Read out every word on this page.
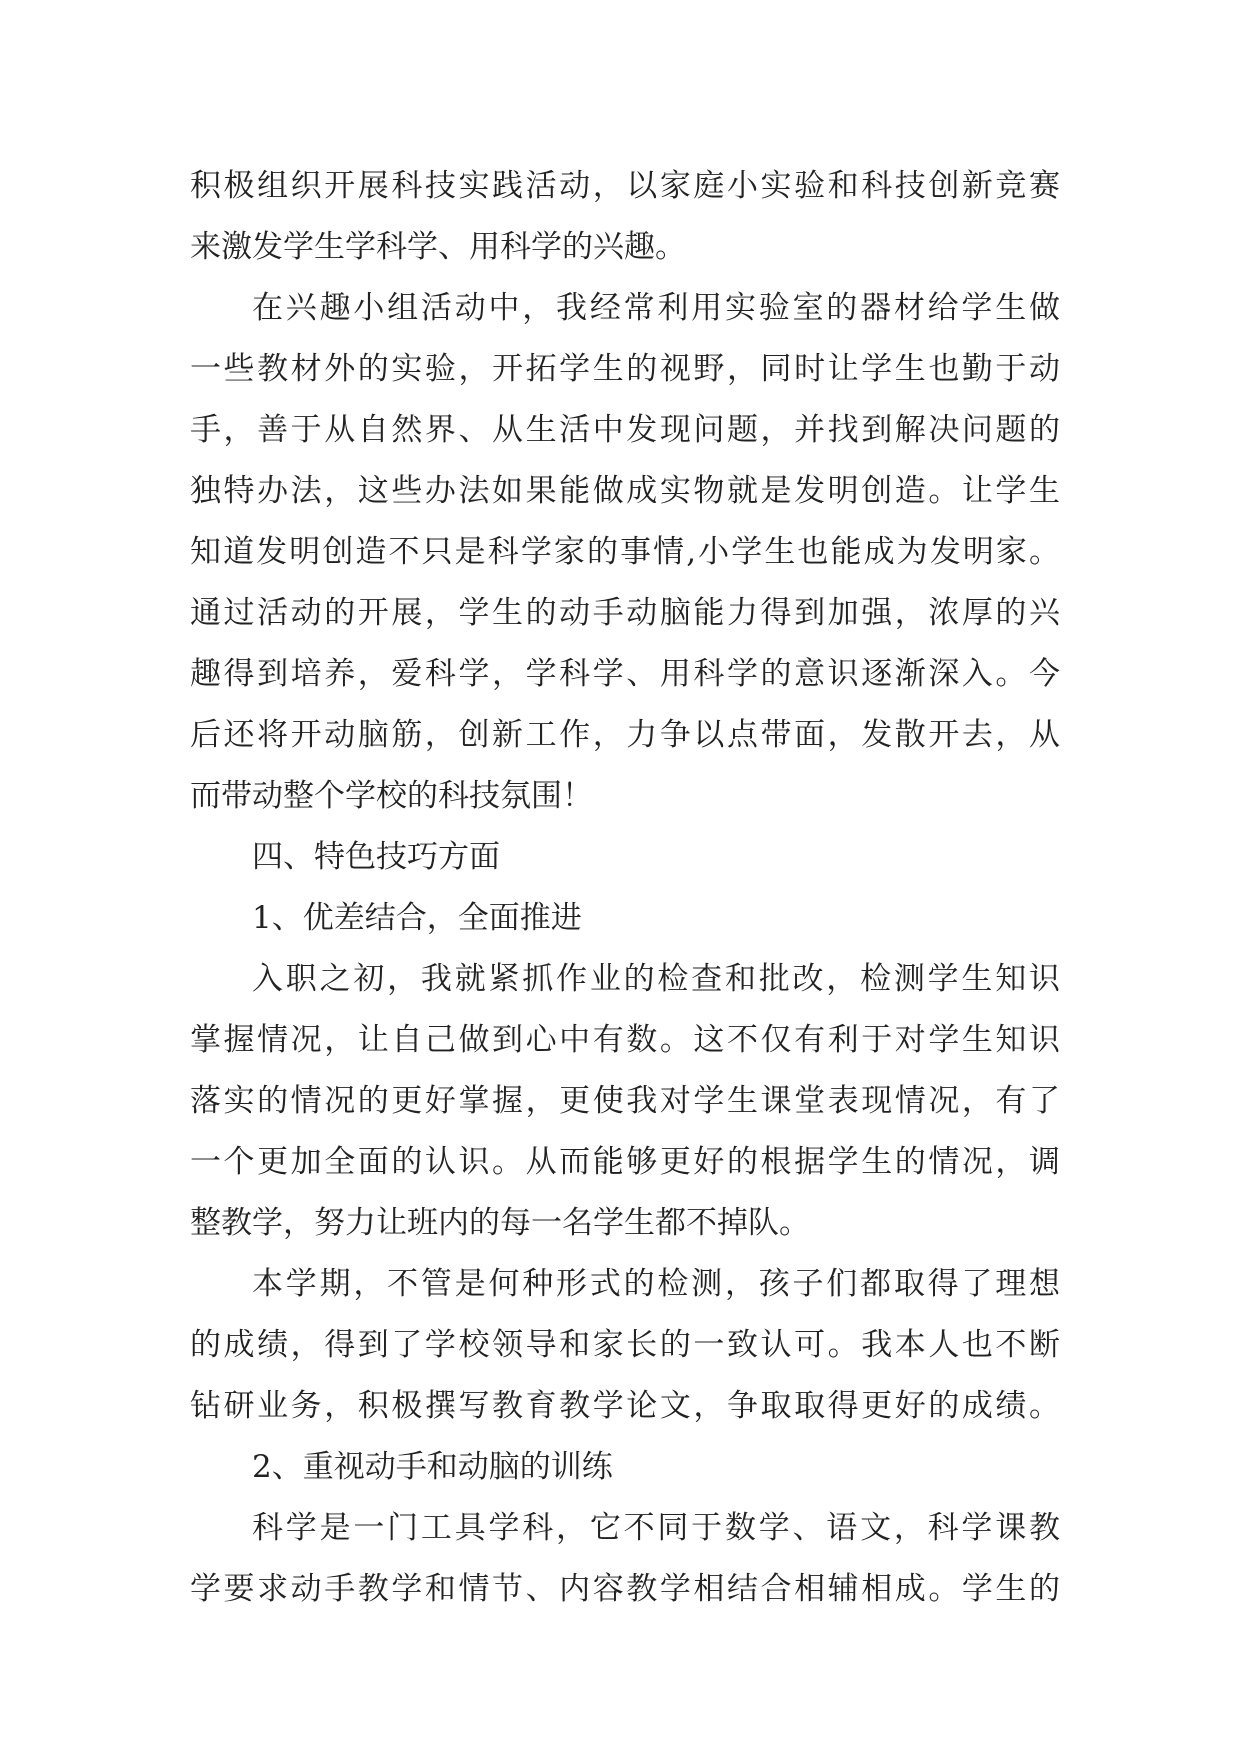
积极组织开展科技实践活动，以家庭小实验和科技创新竞赛
来激发学生学科学、用科学的兴趣。
在兴趣小组活动中，我经常利用实验室的器材给学生做
一些教材外的实验，开拓学生的视野，同时让学生也勤于动
手，善于从自然界、从生活中发现问题，并找到解决问题的
独特办法，这些办法如果能做成实物就是发明创造。让学生
知道发明创造不只是科学家的事情,小学生也能成为发明家。
通过活动的开展，学生的动手动脑能力得到加强，浓厚的兴
趣得到培养，爱科学，学科学、用科学的意识逐渐深入。今
后还将开动脑筋，创新工作，力争以点带面，发散开去，从
而带动整个学校的科技氛围！
四、特色技巧方面
1、优差结合，全面推进
入职之初，我就紧抓作业的检查和批改，检测学生知识
掌握情况，让自己做到心中有数。这不仅有利于对学生知识
落实的情况的更好掌握，更使我对学生课堂表现情况，有了
一个更加全面的认识。从而能够更好的根据学生的情况，调
整教学，努力让班内的每一名学生都不掉队。
本学期，不管是何种形式的检测，孩子们都取得了理想
的成绩，得到了学校领导和家长的一致认可。我本人也不断
钻研业务，积极撰写教育教学论文，争取取得更好的成绩。
2、重视动手和动脑的训练
科学是一门工具学科，它不同于数学、语文，科学课教
学要求动手教学和情节、内容教学相结合相辅相成。学生的
